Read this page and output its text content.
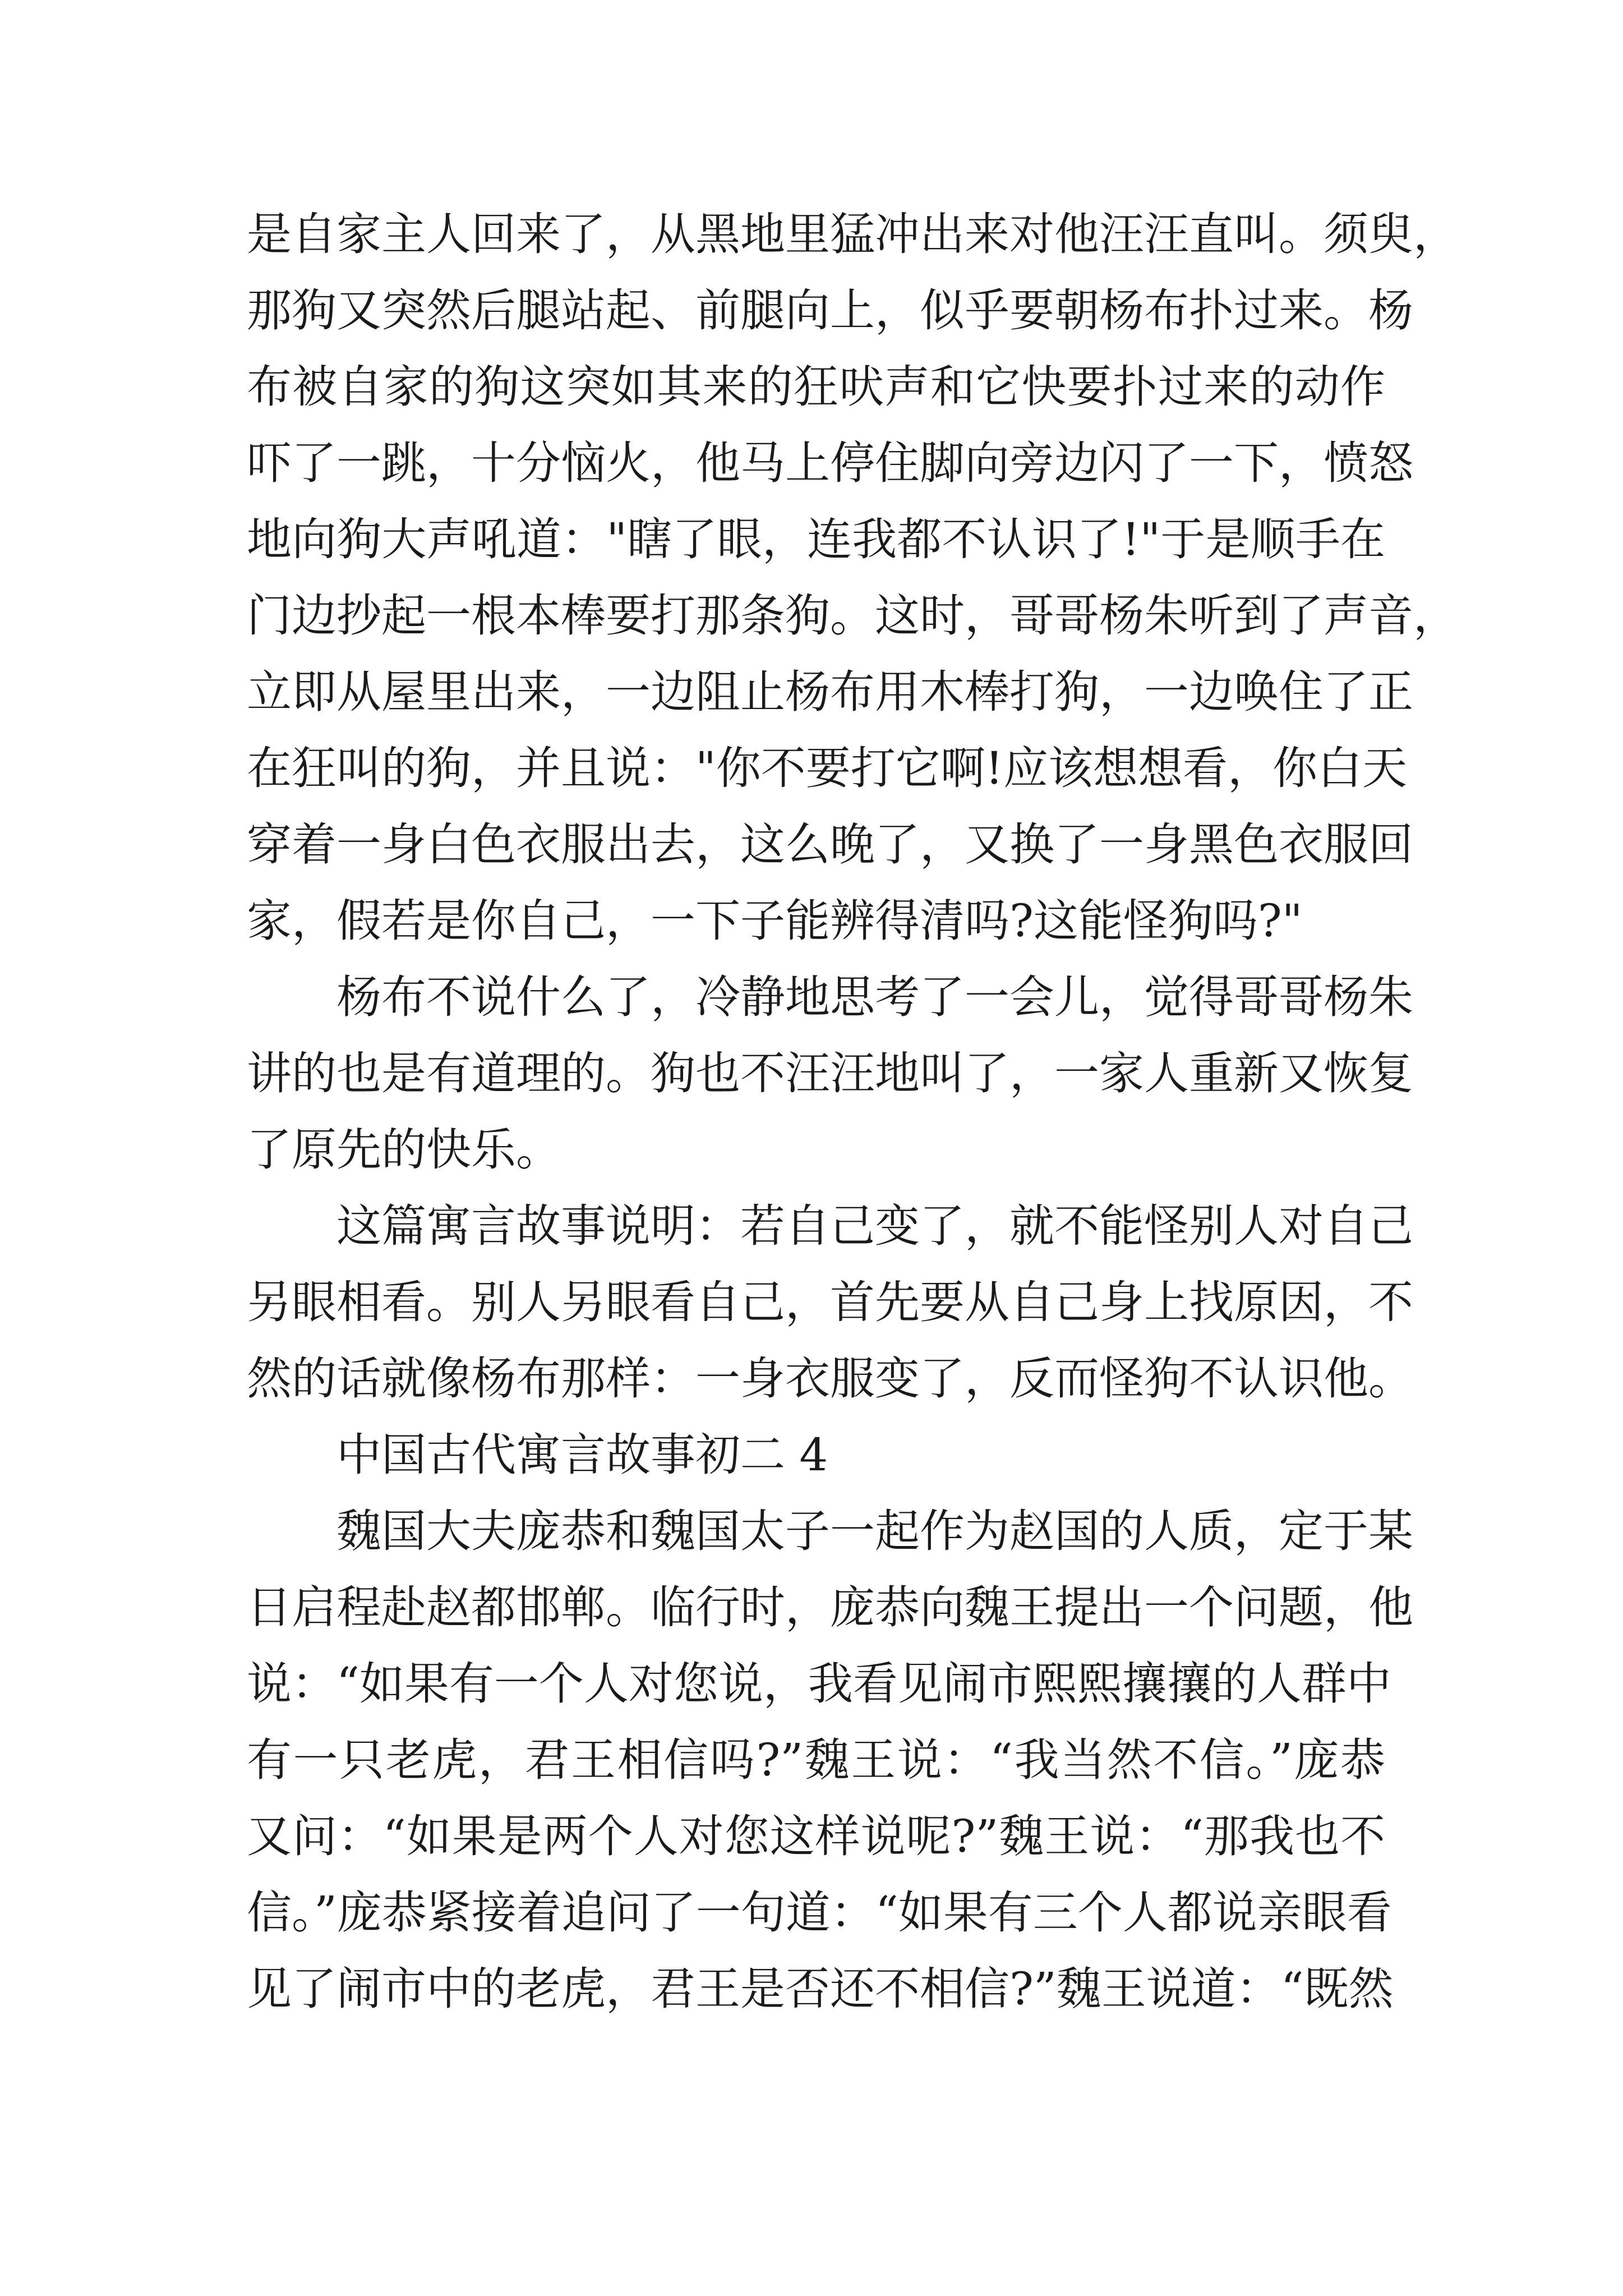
是自家主人回来了，从黑地里猛冲出来对他汪汪直叫。须臾，
那狗又突然后腿站起、前腿向上，似乎要朝杨布扑过来。杨
布被自家的狗这突如其来的狂吠声和它快要扑过来的动作
吓了一跳，十分恼火，他马上停住脚向旁边闪了一下，愤怒
地向狗大声吼道："瞎了眼，连我都不认识了!"于是顺手在
门边抄起一根本棒要打那条狗。这时，哥哥杨朱听到了声音，
立即从屋里出来，一边阻止杨布用木棒打狗，一边唤住了正
在狂叫的狗，并且说："你不要打它啊!应该想想看，你白天
穿着一身白色衣服出去，这么晚了，又换了一身黑色衣服回
家，假若是你自己，一下子能辨得清吗?这能怪狗吗?"
杨布不说什么了，冷静地思考了一会儿，觉得哥哥杨朱
讲的也是有道理的。狗也不汪汪地叫了，一家人重新又恢复
了原先的快乐。
这篇寓言故事说明：若自己变了，就不能怪别人对自己
另眼相看。别人另眼看自己，首先要从自己身上找原因，不
然的话就像杨布那样：一身衣服变了，反而怪狗不认识他。
中国古代寓言故事初二 4
魏国大夫庞恭和魏国太子一起作为赵国的人质，定于某
日启程赴赵都邯郸。临行时，庞恭向魏王提出一个问题，他
说：“如果有一个人对您说，我看见闹市熙熙攘攘的人群中
有一只老虎，君王相信吗?”魏王说：“我当然不信。”庞恭
又问：“如果是两个人对您这样说呢?”魏王说：“那我也不
信。”庞恭紧接着追问了一句道：“如果有三个人都说亲眼看
见了闹市中的老虎，君王是否还不相信?”魏王说道：“既然
